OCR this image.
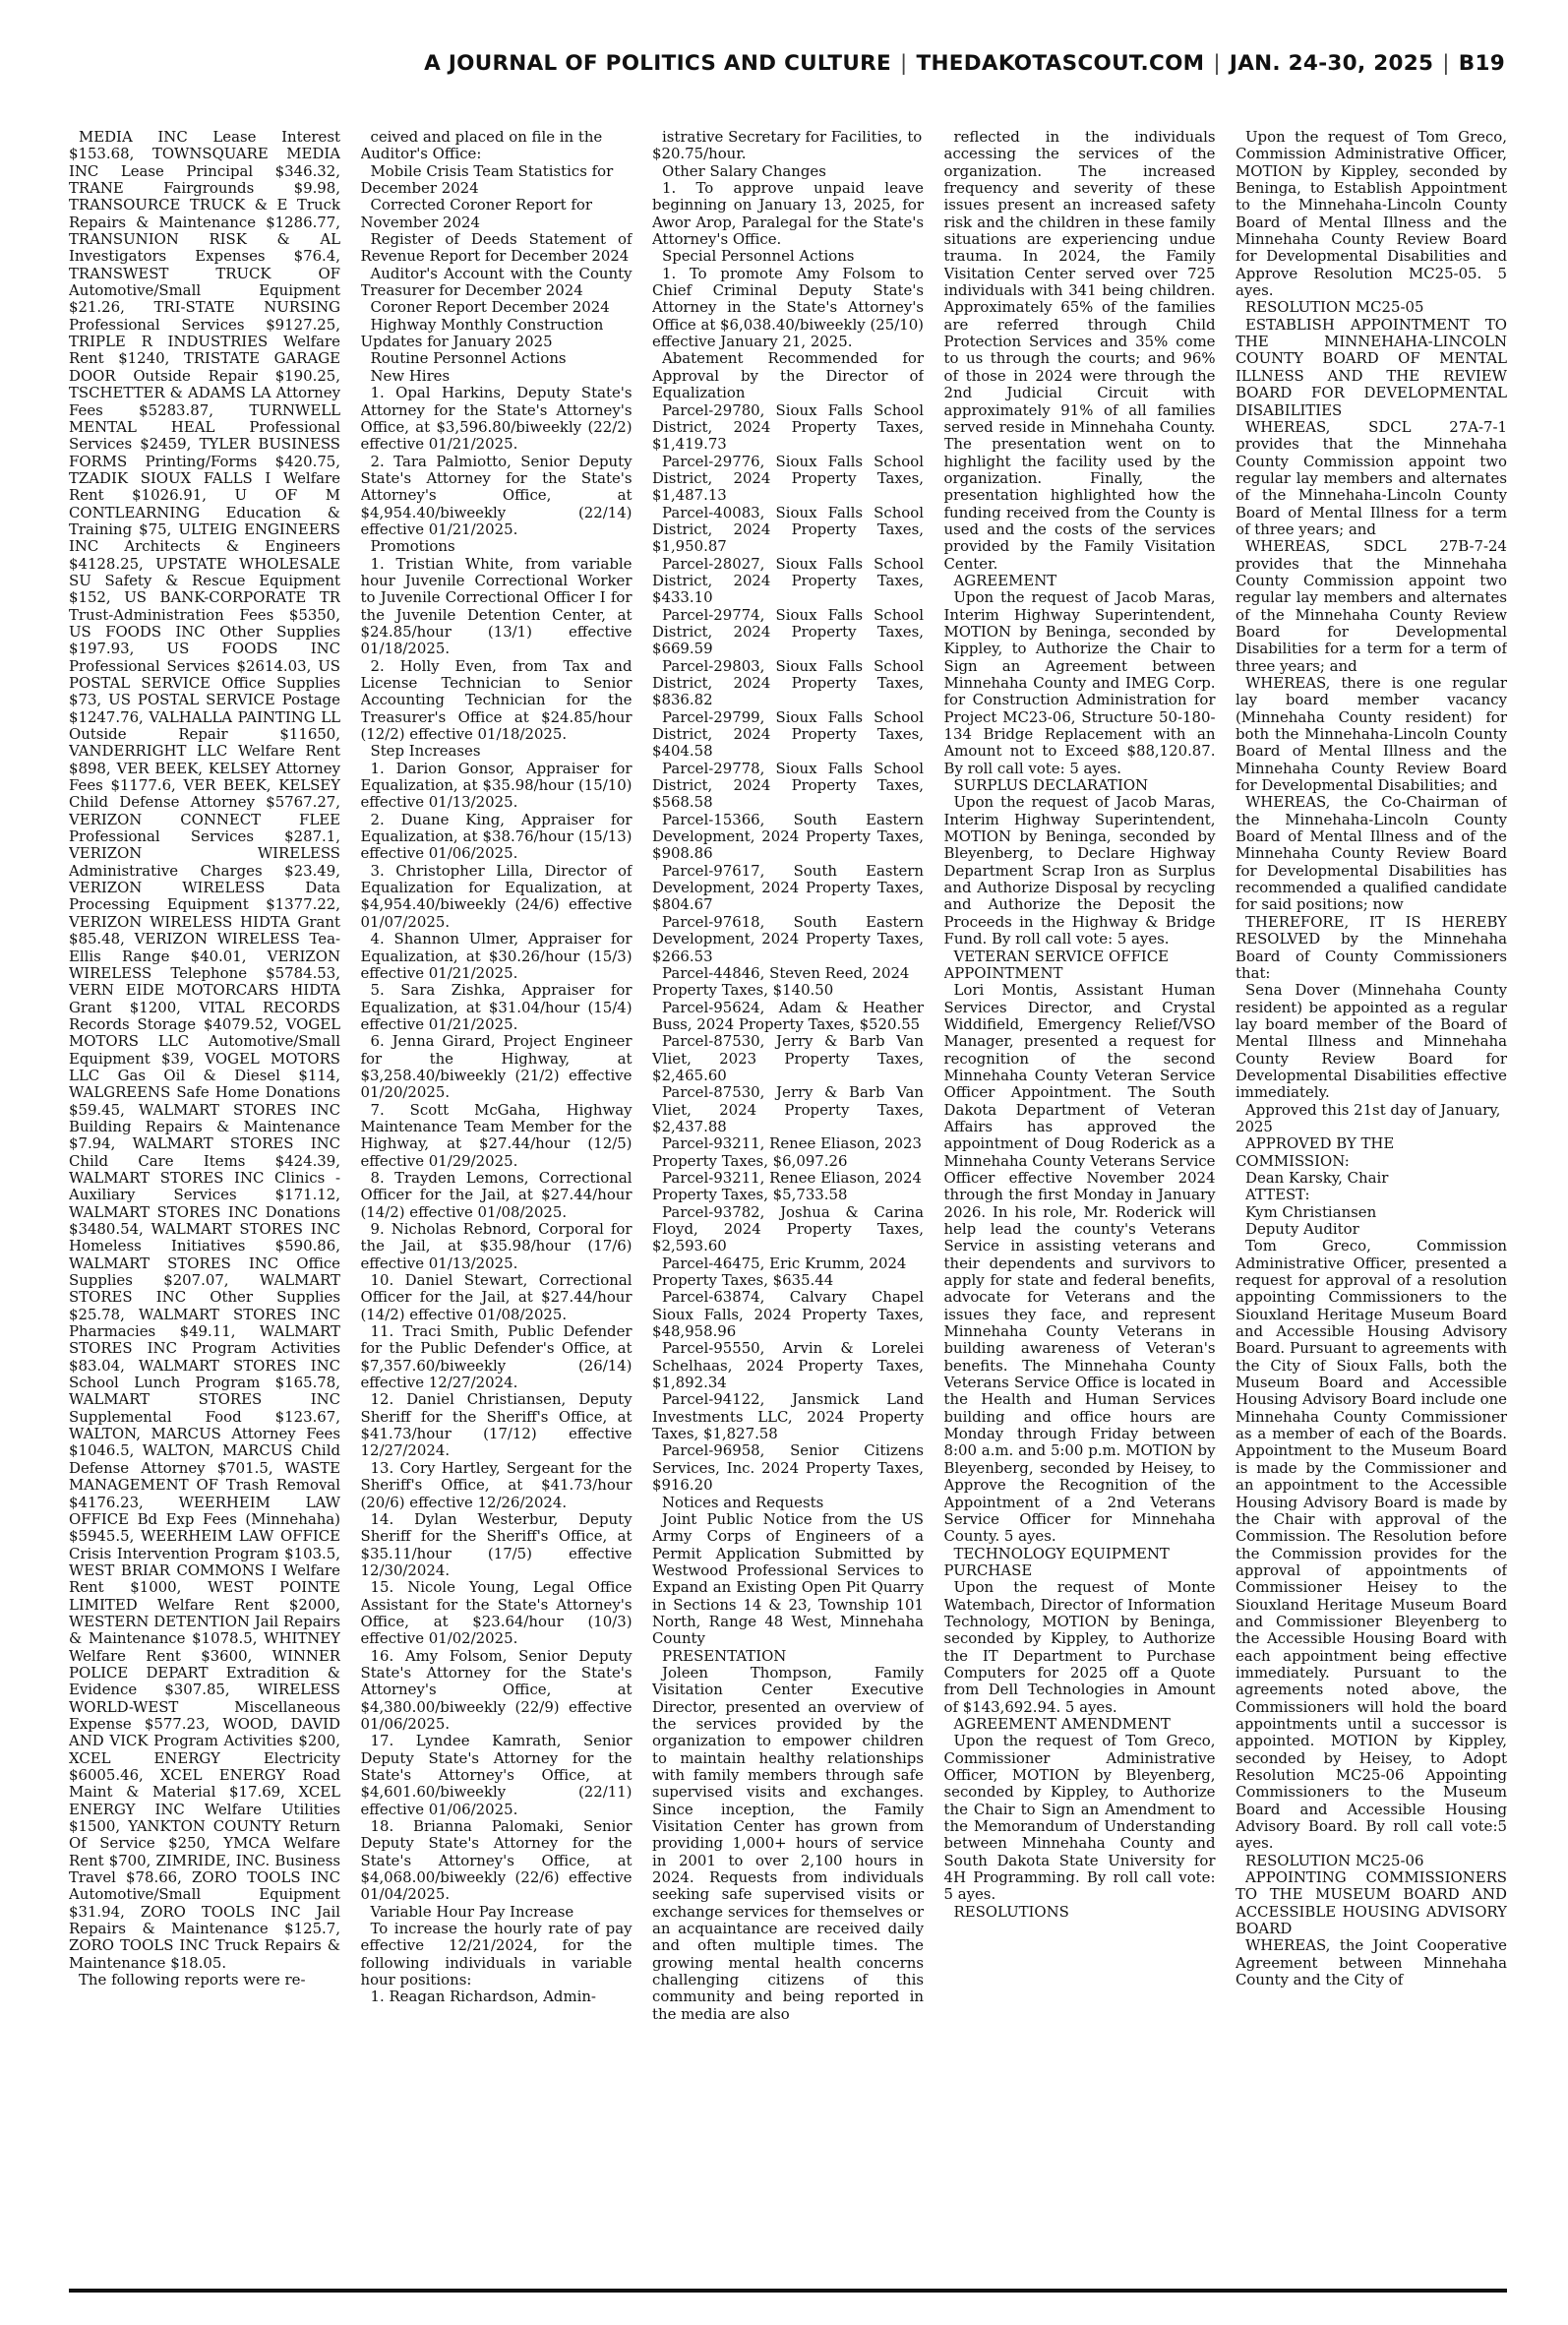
A JOURNAL OF POLITICS AND CULTURE | THEDAKOTASCOUT.COM | JAN. 24-30, 2025 | B19

MEDIA INC Lease Interest $153.68, TOWNSQUARE MEDIA INC Lease Principal $346.32, TRANE Fairgrounds $9.98, TRANSOURCE TRUCK & E Truck Repairs & Maintenance $1286.77, TRANSUNION RISK & AL Investigators Expenses $76.4, TRANSWEST TRUCK OF Automotive/Small Equipment $21.26, TRI-STATE NURSING Professional Services $9127.25, TRIPLE R INDUSTRIES Welfare Rent $1240, TRISTATE GARAGE DOOR Outside Repair $190.25, TSCHETTER & ADAMS LA Attorney Fees $5283.87, TURNWELL MENTAL HEAL Professional Services $2459, TYLER BUSINESS FORMS Printing/Forms $420.75, TZADIK SIOUX FALLS I Welfare Rent $1026.91, U OF M CONTLEARNING Education & Training $75, ULTEIG ENGINEERS INC Architects & Engineers $4128.25, UPSTATE WHOLESALE SU Safety & Rescue Equipment $152, US BANK-CORPORATE TR Trust-Administration Fees $5350, US FOODS INC Other Supplies $197.93, US FOODS INC Professional Services $2614.03, US POSTAL SERVICE Office Supplies $73, US POSTAL SERVICE Postage $1247.76, VALHALLA PAINTING LL Outside Repair $11650, VANDERRIGHT LLC Welfare Rent $898, VER BEEK, KELSEY Attorney Fees $1177.6, VER BEEK, KELSEY Child Defense Attorney $5767.27, VERIZON CONNECT FLEE Professional Services $287.1, VERIZON WIRELESS Administrative Charges $23.49, VERIZON WIRELESS Data Processing Equipment $1377.22, VERIZON WIRELESS HIDTA Grant $85.48, VERIZON WIRELESS Tea-Ellis Range $40.01, VERIZON WIRELESS Telephone $5784.53, VERN EIDE MOTORCARS HIDTA Grant $1200, VITAL RECORDS Records Storage $4079.52, VOGEL MOTORS LLC Automotive/Small Equipment $39, VOGEL MOTORS LLC Gas Oil & Diesel $114, WALGREENS Safe Home Donations $59.45, WALMART STORES INC Building Repairs & Maintenance $7.94, WALMART STORES INC Child Care Items $424.39, WALMART STORES INC Clinics - Auxiliary Services $171.12, WALMART STORES INC Donations $3480.54, WALMART STORES INC Homeless Initiatives $590.86, WALMART STORES INC Office Supplies $207.07, WALMART STORES INC Other Supplies $25.78, WALMART STORES INC Pharmacies $49.11, WALMART STORES INC Program Activities $83.04, WALMART STORES INC School Lunch Program $165.78, WALMART STORES INC Supplemental Food $123.67, WALTON, MARCUS Attorney Fees $1046.5, WALTON, MARCUS Child Defense Attorney $701.5, WASTE MANAGEMENT OF Trash Removal $4176.23, WEERHEIM LAW OFFICE Bd Exp Fees (Minnehaha) $5945.5, WEERHEIM LAW OFFICE Crisis Intervention Program $103.5, WEST BRIAR COMMONS I Welfare Rent $1000, WEST POINTE LIMITED Welfare Rent $2000, WESTERN DETENTION Jail Repairs & Maintenance $1078.5, WHITNEY Welfare Rent $3600, WINNER POLICE DEPART Extradition & Evidence $307.85, WIRELESS WORLD-WEST Miscellaneous Expense $577.23, WOOD, DAVID AND VICK Program Activities $200, XCEL ENERGY Electricity $6005.46, XCEL ENERGY Road Maint & Material $17.69, XCEL ENERGY INC Welfare Utilities $1500, YANKTON COUNTY Return Of Service $250, YMCA Welfare Rent $700, ZIMRIDE, INC. Business Travel $78.66, ZORO TOOLS INC Automotive/Small Equipment $31.94, ZORO TOOLS INC Jail Repairs & Maintenance $125.7, ZORO TOOLS INC Truck Repairs & Maintenance $18.05.

The following reports were re-

ceived and placed on file in the Auditor's Office:

Mobile Crisis Team Statistics for December 2024

Corrected Coroner Report for November 2024

Register of Deeds Statement of Revenue Report for December 2024

Auditor's Account with the County Treasurer for December 2024

Coroner Report December 2024

Highway Monthly Construction Updates for January 2025

Routine Personnel Actions

New Hires

1. Opal Harkins, Deputy State's Attorney for the State's Attorney's Office, at $3,596.80/biweekly (22/2) effective 01/21/2025.

2. Tara Palmiotto, Senior Deputy State's Attorney for the State's Attorney's Office, at $4,954.40/biweekly (22/14) effective 01/21/2025.

Promotions

1. Tristian White, from variable hour Juvenile Correctional Worker to Juvenile Correctional Officer I for the Juvenile Detention Center, at $24.85/hour (13/1) effective 01/18/2025.

2. Holly Even, from Tax and License Technician to Senior Accounting Technician for the Treasurer's Office at $24.85/hour (12/2) effective 01/18/2025.

Step Increases

1. Darion Gonsor, Appraiser for Equalization, at $35.98/hour (15/10) effective 01/13/2025.

2. Duane King, Appraiser for Equalization, at $38.76/hour (15/13) effective 01/06/2025.

3. Christopher Lilla, Director of Equalization for Equalization, at $4,954.40/biweekly (24/6) effective 01/07/2025.

4. Shannon Ulmer, Appraiser for Equalization, at $30.26/hour (15/3) effective 01/21/2025.

5. Sara Zishka, Appraiser for Equalization, at $31.04/hour (15/4) effective 01/21/2025.

6. Jenna Girard, Project Engineer for the Highway, at $3,258.40/biweekly (21/2) effective 01/20/2025.

7. Scott McGaha, Highway Maintenance Team Member for the Highway, at $27.44/hour (12/5) effective 01/29/2025.

8. Trayden Lemons, Correctional Officer for the Jail, at $27.44/hour (14/2) effective 01/08/2025.

9. Nicholas Rebnord, Corporal for the Jail, at $35.98/hour (17/6) effective 01/13/2025.

10. Daniel Stewart, Correctional Officer for the Jail, at $27.44/hour (14/2) effective 01/08/2025.

11. Traci Smith, Public Defender for the Public Defender's Office, at $7,357.60/biweekly (26/14) effective 12/27/2024.

12. Daniel Christiansen, Deputy Sheriff for the Sheriff's Office, at $41.73/hour (17/12) effective 12/27/2024.

13. Cory Hartley, Sergeant for the Sheriff's Office, at $41.73/hour (20/6) effective 12/26/2024.

14. Dylan Westerbur, Deputy Sheriff for the Sheriff's Office, at $35.11/hour (17/5) effective 12/30/2024.

15. Nicole Young, Legal Office Assistant for the State's Attorney's Office, at $23.64/hour (10/3) effective 01/02/2025.

16. Amy Folsom, Senior Deputy State's Attorney for the State's Attorney's Office, at $4,380.00/biweekly (22/9) effective 01/06/2025.

17. Lyndee Kamrath, Senior Deputy State's Attorney for the State's Attorney's Office, at $4,601.60/biweekly (22/11) effective 01/06/2025.

18. Brianna Palomaki, Senior Deputy State's Attorney for the State's Attorney's Office, at $4,068.00/biweekly (22/6) effective 01/04/2025.

Variable Hour Pay Increase

To increase the hourly rate of pay effective 12/21/2024, for the following individuals in variable hour positions:

1. Reagan Richardson, Admin-

istrative Secretary for Facilities, to $20.75/hour.

Other Salary Changes

1. To approve unpaid leave beginning on January 13, 2025, for Awor Arop, Paralegal for the State's Attorney's Office.

Special Personnel Actions

1. To promote Amy Folsom to Chief Criminal Deputy State's Attorney in the State's Attorney's Office at $6,038.40/biweekly (25/10) effective January 21, 2025.

Abatement Recommended for Approval by the Director of Equalization

Parcel-29780, Sioux Falls School District, 2024 Property Taxes, $1,419.73

Parcel-29776, Sioux Falls School District, 2024 Property Taxes, $1,487.13

Parcel-40083, Sioux Falls School District, 2024 Property Taxes, $1,950.87

Parcel-28027, Sioux Falls School District, 2024 Property Taxes, $433.10

Parcel-29774, Sioux Falls School District, 2024 Property Taxes, $669.59

Parcel-29803, Sioux Falls School District, 2024 Property Taxes, $836.82

Parcel-29799, Sioux Falls School District, 2024 Property Taxes, $404.58

Parcel-29778, Sioux Falls School District, 2024 Property Taxes, $568.58

Parcel-15366, South Eastern Development, 2024 Property Taxes, $908.86

Parcel-97617, South Eastern Development, 2024 Property Taxes, $804.67

Parcel-97618, South Eastern Development, 2024 Property Taxes, $266.53

Parcel-44846, Steven Reed, 2024 Property Taxes, $140.50

Parcel-95624, Adam & Heather Buss, 2024 Property Taxes, $520.55

Parcel-87530, Jerry & Barb Van Vliet, 2023 Property Taxes, $2,465.60

Parcel-87530, Jerry & Barb Van Vliet, 2024 Property Taxes, $2,437.88

Parcel-93211, Renee Eliason, 2023 Property Taxes, $6,097.26

Parcel-93211, Renee Eliason, 2024 Property Taxes, $5,733.58

Parcel-93782, Joshua & Carina Floyd, 2024 Property Taxes, $2,593.60

Parcel-46475, Eric Krumm, 2024 Property Taxes, $635.44

Parcel-63874, Calvary Chapel Sioux Falls, 2024 Property Taxes, $48,958.96

Parcel-95550, Arvin & Lorelei Schelhaas, 2024 Property Taxes, $1,892.34

Parcel-94122, Jansmick Land Investments LLC, 2024 Property Taxes, $1,827.58

Parcel-96958, Senior Citizens Services, Inc. 2024 Property Taxes, $916.20

Notices and Requests

Joint Public Notice from the US Army Corps of Engineers of a Permit Application Submitted by Westwood Professional Services to Expand an Existing Open Pit Quarry in Sections 14 & 23, Township 101 North, Range 48 West, Minnehaha County

PRESENTATION

Joleen Thompson, Family Visitation Center Executive Director, presented an overview of the services provided by the organization to empower children to maintain healthy relationships with family members through safe supervised visits and exchanges. Since inception, the Family Visitation Center has grown from providing 1,000+ hours of service in 2001 to over 2,100 hours in 2024. Requests from individuals seeking safe supervised visits or exchange services for themselves or an acquaintance are received daily and often multiple times. The growing mental health concerns challenging citizens of this community and being reported in the media are also

reflected in the individuals accessing the services of the organization. The increased frequency and severity of these issues present an increased safety risk and the children in these family situations are experiencing undue trauma. In 2024, the Family Visitation Center served over 725 individuals with 341 being children. Approximately 65% of the families are referred through Child Protection Services and 35% come to us through the courts; and 96% of those in 2024 were through the 2nd Judicial Circuit with approximately 91% of all families served reside in Minnehaha County. The presentation went on to highlight the facility used by the organization. Finally, the presentation highlighted how the funding received from the County is used and the costs of the services provided by the Family Visitation Center.

AGREEMENT

Upon the request of Jacob Maras, Interim Highway Superintendent, MOTION by Beninga, seconded by Kippley, to Authorize the Chair to Sign an Agreement between Minnehaha County and IMEG Corp. for Construction Administration for Project MC23-06, Structure 50-180-134 Bridge Replacement with an Amount not to Exceed $88,120.87. By roll call vote: 5 ayes.

SURPLUS DECLARATION

Upon the request of Jacob Maras, Interim Highway Superintendent, MOTION by Beninga, seconded by Bleyenberg, to Declare Highway Department Scrap Iron as Surplus and Authorize Disposal by recycling and Authorize the Deposit the Proceeds in the Highway & Bridge Fund. By roll call vote: 5 ayes.

VETERAN SERVICE OFFICE APPOINTMENT

Lori Montis, Assistant Human Services Director, and Crystal Widdifield, Emergency Relief/VSO Manager, presented a request for recognition of the second Minnehaha County Veteran Service Officer Appointment. The South Dakota Department of Veteran Affairs has approved the appointment of Doug Roderick as a Minnehaha County Veterans Service Officer effective November 2024 through the first Monday in January 2026. In his role, Mr. Roderick will help lead the county's Veterans Service in assisting veterans and their dependents and survivors to apply for state and federal benefits, advocate for Veterans and the issues they face, and represent Minnehaha County Veterans in building awareness of Veteran's benefits. The Minnehaha County Veterans Service Office is located in the Health and Human Services building and office hours are Monday through Friday between 8:00 a.m. and 5:00 p.m. MOTION by Bleyenberg, seconded by Heisey, to Approve the Recognition of the Appointment of a 2nd Veterans Service Officer for Minnehaha County. 5 ayes.

TECHNOLOGY EQUIPMENT PURCHASE

Upon the request of Monte Watembach, Director of Information Technology, MOTION by Beninga, seconded by Kippley, to Authorize the IT Department to Purchase Computers for 2025 off a Quote from Dell Technologies in Amount of $143,692.94. 5 ayes.

AGREEMENT AMENDMENT

Upon the request of Tom Greco, Commissioner Administrative Officer, MOTION by Bleyenberg, seconded by Kippley, to Authorize the Chair to Sign an Amendment to the Memorandum of Understanding between Minnehaha County and South Dakota State University for 4H Programming. By roll call vote: 5 ayes.

RESOLUTIONS

Upon the request of Tom Greco, Commission Administrative Officer, MOTION by Kippley, seconded by Beninga, to Establish Appointment to the Minnehaha-Lincoln County Board of Mental Illness and the Minnehaha County Review Board for Developmental Disabilities and Approve Resolution MC25-05. 5 ayes.

RESOLUTION MC25-05

ESTABLISH APPOINTMENT TO THE MINNEHAHA-LINCOLN COUNTY BOARD OF MENTAL ILLNESS AND THE REVIEW BOARD FOR DEVELOPMENTAL DISABILITIES

WHEREAS, SDCL 27A-7-1 provides that the Minnehaha County Commission appoint two regular lay members and alternates of the Minnehaha-Lincoln County Board of Mental Illness for a term of three years; and

WHEREAS, SDCL 27B-7-24 provides that the Minnehaha County Commission appoint two regular lay members and alternates of the Minnehaha County Review Board for Developmental Disabilities for a term for a term of three years; and

WHEREAS, there is one regular lay board member vacancy (Minnehaha County resident) for both the Minnehaha-Lincoln County Board of Mental Illness and the Minnehaha County Review Board for Developmental Disabilities; and

WHEREAS, the Co-Chairman of the Minnehaha-Lincoln County Board of Mental Illness and of the Minnehaha County Review Board for Developmental Disabilities has recommended a qualified candidate for said positions; now

THEREFORE, IT IS HEREBY RESOLVED by the Minnehaha Board of County Commissioners that:

Sena Dover (Minnehaha County resident) be appointed as a regular lay board member of the Board of Mental Illness and Minnehaha County Review Board for Developmental Disabilities effective immediately.

Approved this 21st day of January, 2025

APPROVED BY THE COMMISSION:

Dean Karsky, Chair

ATTEST:

Kym Christiansen

Deputy Auditor

Tom Greco, Commission Administrative Officer, presented a request for approval of a resolution appointing Commissioners to the Siouxland Heritage Museum Board and Accessible Housing Advisory Board. Pursuant to agreements with the City of Sioux Falls, both the Museum Board and Accessible Housing Advisory Board include one Minnehaha County Commissioner as a member of each of the Boards. Appointment to the Museum Board is made by the Commissioner and an appointment to the Accessible Housing Advisory Board is made by the Chair with approval of the Commission. The Resolution before the Commission provides for the approval of appointments of Commissioner Heisey to the Siouxland Heritage Museum Board and Commissioner Bleyenberg to the Accessible Housing Board with each appointment being effective immediately. Pursuant to the agreements noted above, the Commissioners will hold the board appointments until a successor is appointed. MOTION by Kippley, seconded by Heisey, to Adopt Resolution MC25-06 Appointing Commissioners to the Museum Board and Accessible Housing Advisory Board. By roll call vote:5 ayes.

RESOLUTION MC25-06

APPOINTING COMMISSIONERS TO THE MUSEUM BOARD AND ACCESSIBLE HOUSING ADVISORY BOARD

WHEREAS, the Joint Cooperative Agreement between Minnehaha County and the City of
